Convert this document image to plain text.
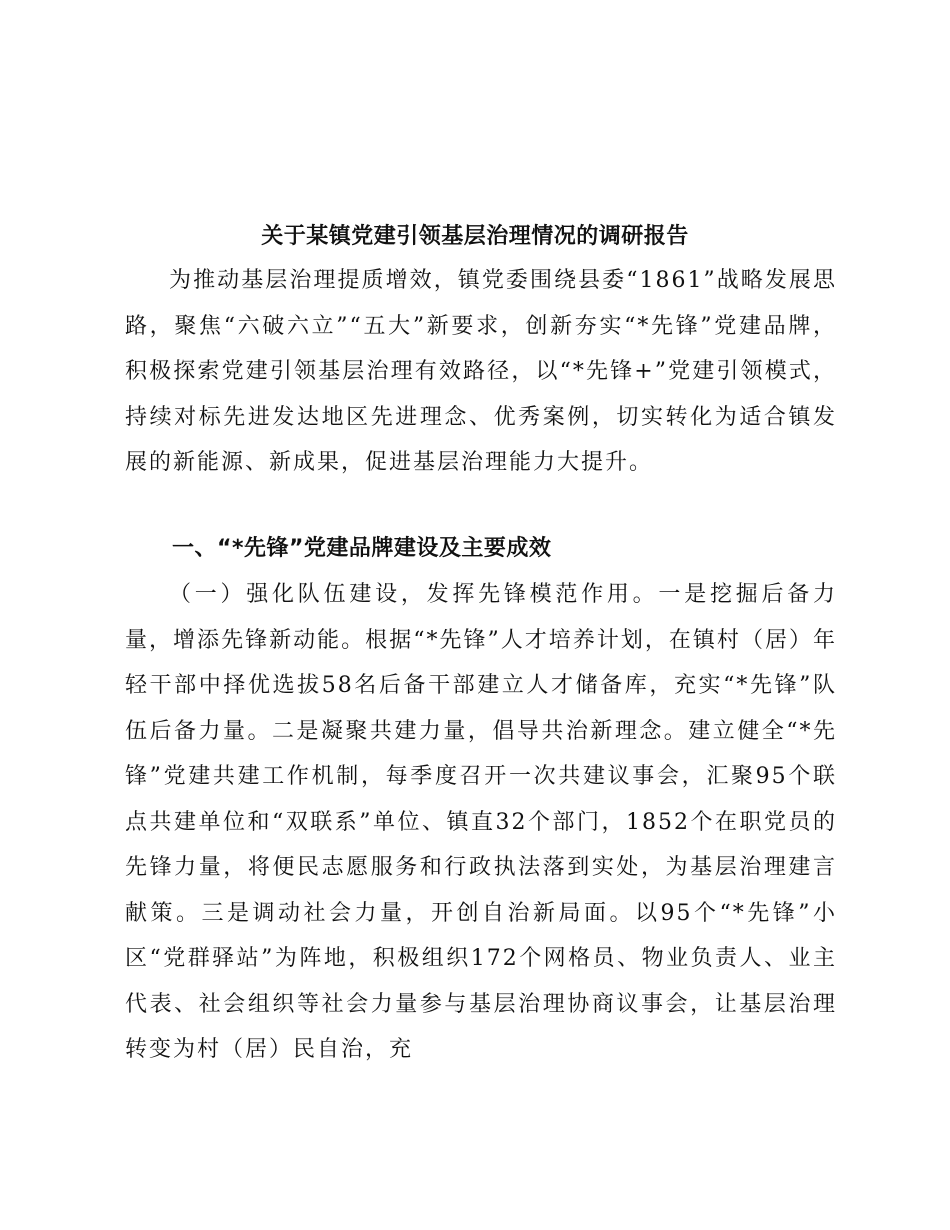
关于某镇党建引领基层治理情况的调研报告

为推动基层治理提质增效，镇党委围绕县委“1861”战略发展思路，聚焦“六破六立”“五大”新要求，创新夯实“*先锋”党建品牌，积极探索党建引领基层治理有效路径，以“*先锋+”党建引领模式，持续对标先进发达地区先进理念、优秀案例，切实转化为适合镇发展的新能源、新成果，促进基层治理能力大提升。

一、“*先锋”党建品牌建设及主要成效

（一）强化队伍建设，发挥先锋模范作用。一是挖掘后备力量，增添先锋新动能。根据“*先锋”人才培养计划，在镇村（居）年轻干部中择优选拔58名后备干部建立人才储备库，充实“*先锋”队伍后备力量。二是凝聚共建力量，倡导共治新理念。建立健全“*先锋”党建共建工作机制，每季度召开一次共建议事会，汇聚95个联点共建单位和“双联系”单位、镇直32个部门，1852个在职党员的先锋力量，将便民志愿服务和行政执法落到实处，为基层治理建言献策。三是调动社会力量，开创自治新局面。以95个“*先锋”小区“党群驿站”为阵地，积极组织172个网格员、物业负责人、业主代表、社会组织等社会力量参与基层治理协商议事会，让基层治理转变为村（居）民自治，充
